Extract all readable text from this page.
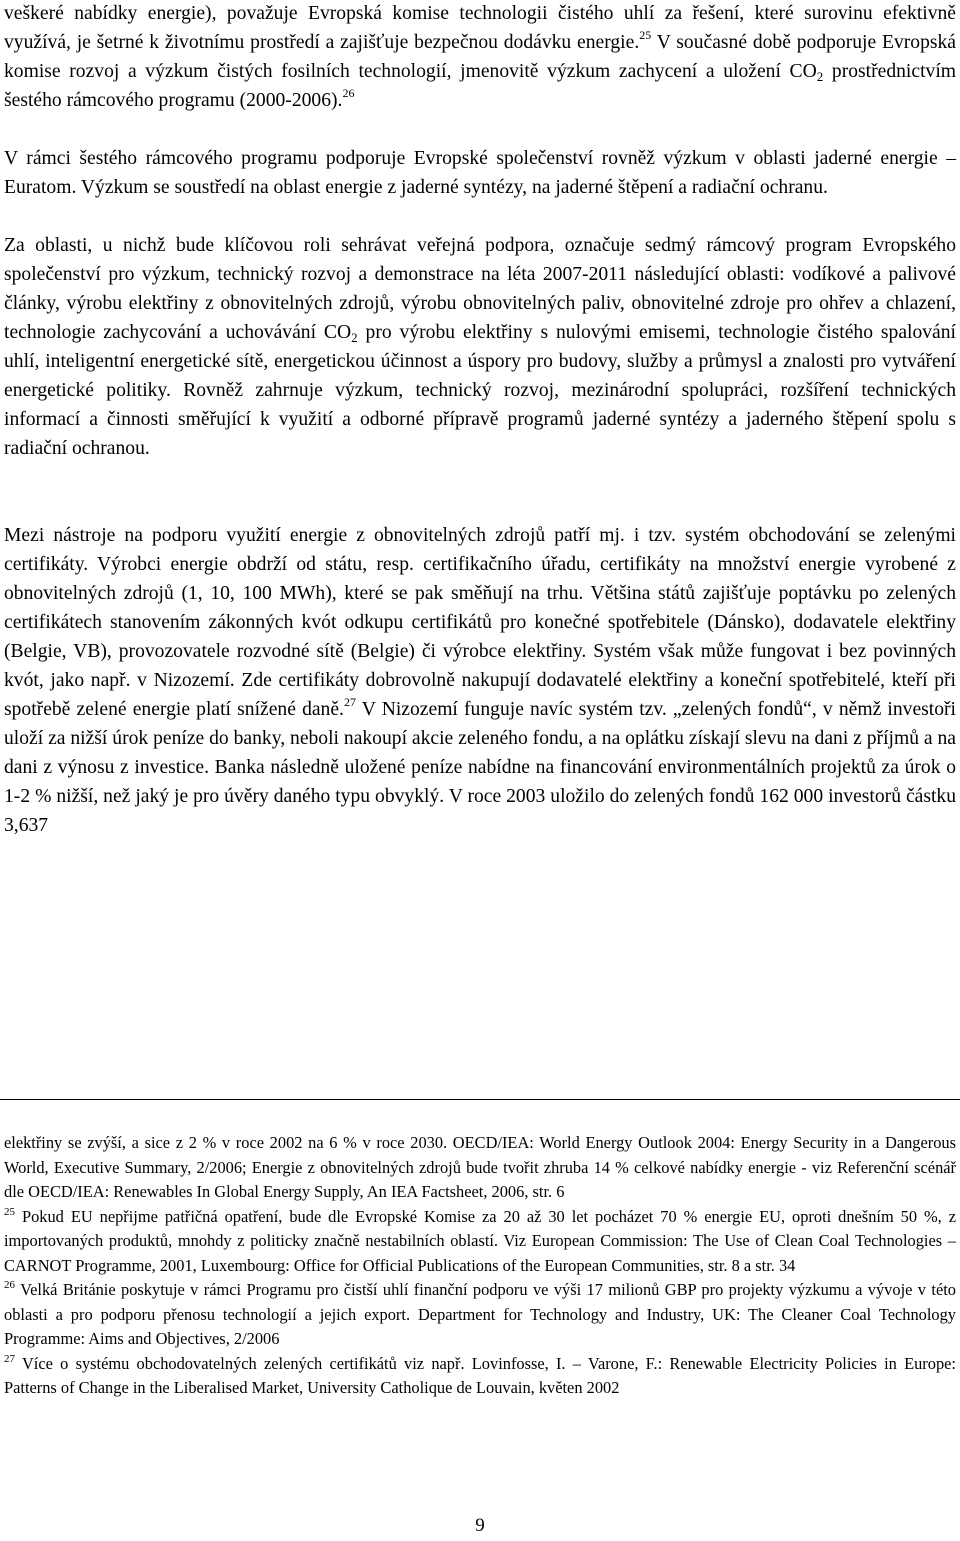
veškeré nabídky energie), považuje Evropská komise technologii čistého uhlí za řešení, které surovinu efektivně využívá, je šetrné k životnímu prostředí a zajišťuje bezpečnou dodávku energie.$^{25}$ V současné době podporuje Evropská komise rozvoj a výzkum čistých fosilních technologií, jmenovitě výzkum zachycení a uložení $CO_2$ prostřednictvím šestého rámcového programu (2000-2006).$^{26}$

V rámci šestého rámcového programu podporuje Evropské společenství rovněž výzkum v oblasti jaderné energie – Euratom. Výzkum se soustředí na oblast energie z jaderné syntézy, na jaderné štěpení a radiační ochranu.

Za oblasti, u nichž bude klíčovou roli sehrávat veřejná podpora, označuje sedmý rámcový program Evropského společenství pro výzkum, technický rozvoj a demonstrace na léta 2007-2011 následující oblasti: vodíkové a palivové články, výrobu elektřiny z obnovitelných zdrojů, výrobu obnovitelných paliv, obnovitelné zdroje pro ohřev a chlazení, technologie zachycování a uchovávání $CO_2$ pro výrobu elektřiny s nulovými emisemi, technologie čistého spalování uhlí, inteligentní energetické sítě, energetickou účinnost a úspory pro budovy, služby a průmysl a znalosti pro vytváření energetické politiky. Rovněž zahrnuje výzkum, technický rozvoj, mezinárodní spolupráci, rozšíření technických informací a činnosti směřující k využití a odborné přípravě programů jaderné syntézy a jaderného štěpení spolu s radiační ochranou.

Mezi nástroje na podporu využití energie z obnovitelných zdrojů patří mj. i tzv. systém obchodování se zelenými certifikáty. Výrobci energie obdrží od státu, resp. certifikačního úřadu, certifikáty na množství energie vyrobené z obnovitelných zdrojů (1, 10, 100 MWh), které se pak směňují na trhu. Většina států zajišťuje poptávku po zelených certifikátech stanovením zákonných kvót odkupu certifikátů pro konečné spotřebitele (Dánsko), dodavatele elektřiny (Belgie, VB), provozovatele rozvodné sítě (Belgie) či výrobce elektřiny. Systém však může fungovat i bez povinných kvót, jako např. v Nizozemí. Zde certifikáty dobrovolně nakupují dodavatelé elektřiny a koneční spotřebitelé, kteří při spotřebě zelené energie platí snížené daně.$^{27}$ V Nizozemí funguje navíc systém tzv. „zelených fondů“, v němž investoři uloží za nižší úrok peníze do banky, neboli nakoupí akcie zeleného fondu, a na oplátku získají slevu na dani z příjmů a na dani z výnosu z investice. Banka následně uložené peníze nabídne na financování environmentálních projektů za úrok o 1-2 % nižší, než jaký je pro úvěry daného typu obvyklý. V roce 2003 uložilo do zelených fondů 162 000 investorů částku 3,637

elektřiny se zvýší, a sice z 2 % v roce 2002 na 6 % v roce 2030. OECD/IEA: World Energy Outlook 2004: Energy Security in a Dangerous World, Executive Summary, 2/2006; Energie z obnovitelných zdrojů bude tvořit zhruba 14 % celkové nabídky energie - viz Referenční scénář dle OECD/IEA: Renewables In Global Energy Supply, An IEA Factsheet, 2006, str. 6

$^{25}$ Pokud EU nepřijme patřičná opatření, bude dle Evropské Komise za 20 až 30 let pocházet 70 % energie EU, oproti dnešním 50 %, z importovaných produktů, mnohdy z politicky značně nestabilních oblastí. Viz European Commission: The Use of Clean Coal Technologies – CARNOT Programme, 2001, Luxembourg: Office for Official Publications of the European Communities, str. 8 a str. 34

$^{26}$ Velká Británie poskytuje v rámci Programu pro čistší uhlí finanční podporu ve výši 17 milionů GBP pro projekty výzkumu a vývoje v této oblasti a pro podporu přenosu technologií a jejich export. Department for Technology and Industry, UK: The Cleaner Coal Technology Programme: Aims and Objectives, 2/2006

$^{27}$ Více o systému obchodovatelných zelených certifikátů viz např. Lovinfosse, I. – Varone, F.: Renewable Electricity Policies in Europe: Patterns of Change in the Liberalised Market, University Catholique de Louvain, květen 2002

9
